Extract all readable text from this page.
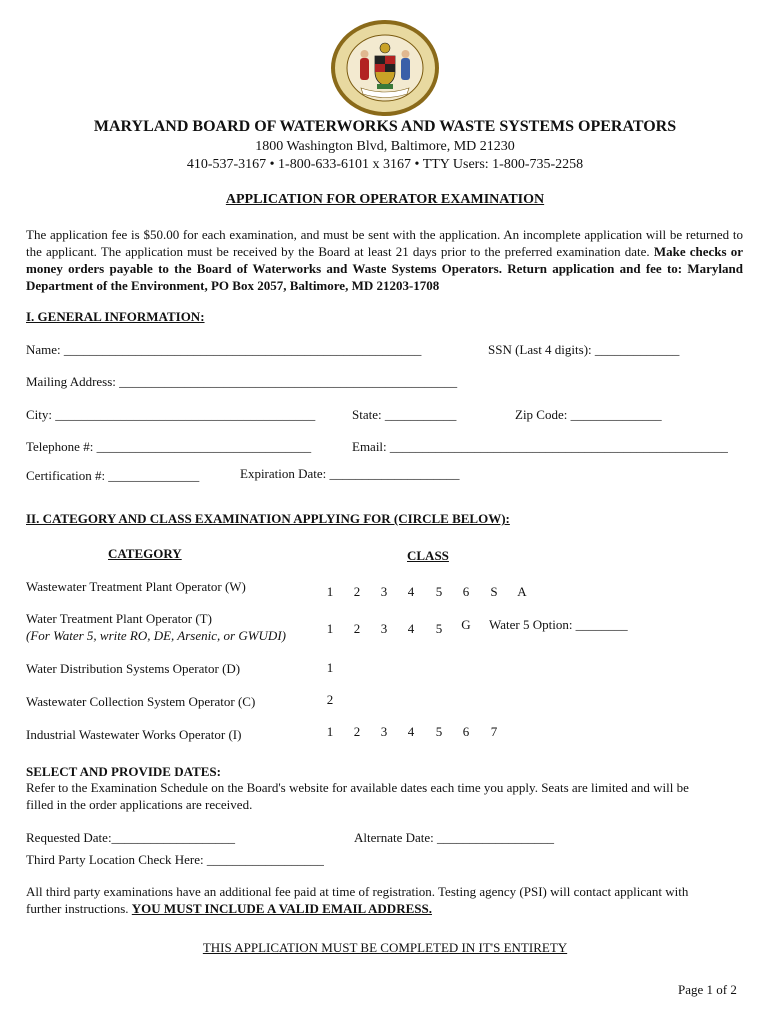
MARYLAND BOARD OF WATERWORKS AND WASTE SYSTEMS OPERATORS
1800 Washington Blvd, Baltimore, MD 21230
410-537-3167 • 1-800-633-6101 x 3167 • TTY Users: 1-800-735-2258
APPLICATION FOR OPERATOR EXAMINATION
The application fee is $50.00 for each examination, and must be sent with the application. An incomplete application will be returned to the applicant. The application must be received by the Board at least 21 days prior to the preferred examination date. Make checks or money orders payable to the Board of Waterworks and Waste Systems Operators. Return application and fee to: Maryland Department of the Environment, PO Box 2057, Baltimore, MD 21203-1708
I. GENERAL INFORMATION:
Name: _______________________________________________________	SSN (Last 4 digits): _____________
Mailing Address: ____________________________________________________
City: ________________________________________	State: ___________	Zip Code: ______________
Telephone #: _________________________________	Email: ____________________________________________________
Certification #: ______________	Expiration Date: ____________________
II. CATEGORY AND CLASS EXAMINATION APPLYING FOR (CIRCLE BELOW):
CATEGORY	CLASS
Wastewater Treatment Plant Operator (W)	1 2 3 4 5 6 S A
Water Treatment Plant Operator (T)
(For Water 5, write RO, DE, Arsenic, or GWUDI)	1 2 3 4 5 G Water 5 Option: ________
Water Distribution Systems Operator (D)	1
Wastewater Collection System Operator (C)	2
Industrial Wastewater Works Operator (I)	1 2 3 4 5 6 7
SELECT AND PROVIDE DATES:
Refer to the Examination Schedule on the Board's website for available dates each time you apply. Seats are limited and will be filled in the order applications are received.
Requested Date:___________________	Alternate Date: __________________
Third Party Location Check Here: __________________
All third party examinations have an additional fee paid at time of registration. Testing agency (PSI) will contact applicant with further instructions. YOU MUST INCLUDE A VALID EMAIL ADDRESS.
THIS APPLICATION MUST BE COMPLETED IN IT'S ENTIRETY
Page 1 of 2
